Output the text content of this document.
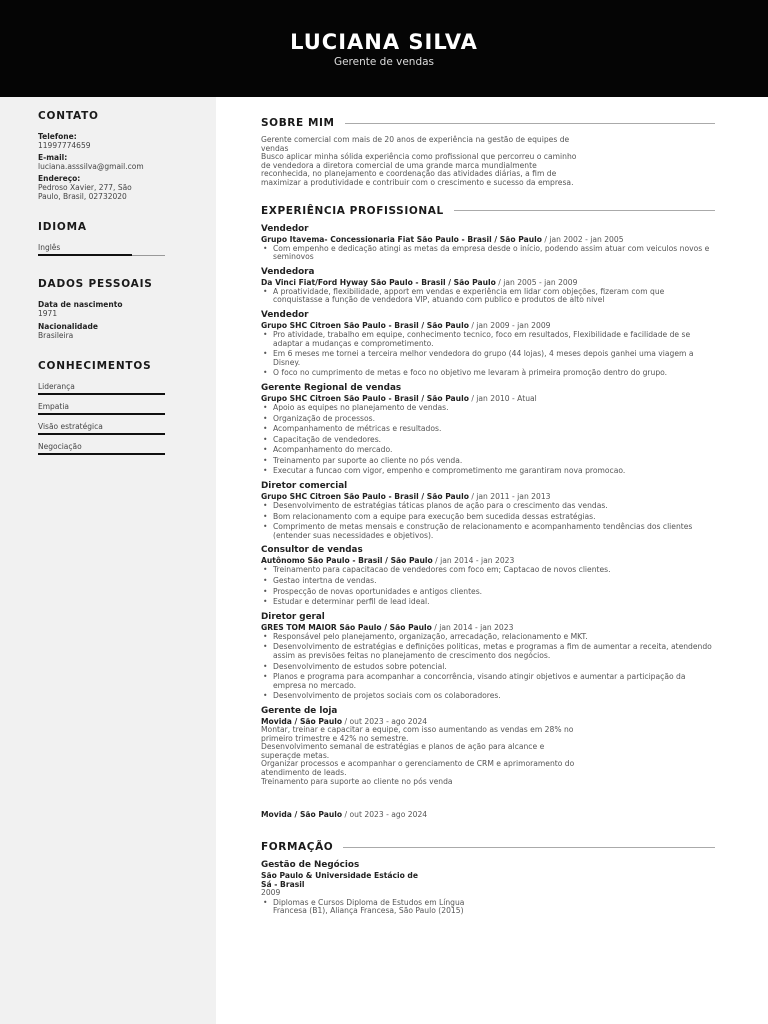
LUCIANA SILVA
Gerente de vendas
CONTATO
Telefone:
11997774659
E-mail:
luciana.asssilva@gmail.com
Endereço:
Pedroso Xavier, 277, São
Paulo, Brasil, 02732020
IDIOMA
Inglês
DADOS PESSOAIS
Data de nascimento
1971
Nacionalidade
Brasileira
CONHECIMENTOS
Liderança
Empatia
Visão estratégica
Negociação
SOBRE MIM
Gerente comercial com mais de 20 anos de experiência na gestão de equipes de
vendas
Busco aplicar minha sólida experiência como profissional que percorreu o caminho
de vendedora a diretora comercial de uma grande marca mundialmente
reconhecida, no planejamento e coordenação das atividades diárias, a fim de
maximizar a produtividade e contribuir com o crescimento e sucesso da empresa.
EXPERIÊNCIA PROFISSIONAL
Vendedor
Grupo Itavema- Concessionaria Fiat São Paulo - Brasil / São Paulo / jan 2002 - jan 2005
• Com empenho e dedicação atingi as metas da empresa desde o início, podendo assim atuar com veiculos novos e seminovos
Vendedora
Da Vinci Fiat/Ford Hyway São Paulo - Brasil / São Paulo / jan 2005 - jan 2009
• A proatividade, flexibilidade, apport em vendas e experiência em lidar com objeções, fizeram com que conquistasse a função de vendedora VIP, atuando com publico e produtos de alto nivel
Vendedor
Grupo SHC Citroen São Paulo - Brasil / São Paulo / jan 2009 - jan 2009
• Pro atividade, trabalho em equipe, conhecimento tecnico, foco em resultados, Flexibilidade e facilidade de se adaptar a mudanças e comprometimento.
• Em 6 meses me tornei a terceira melhor vendedora do grupo (44 lojas), 4 meses depois ganhei uma viagem a Disney.
• O foco no cumprimento de metas e foco no objetivo me levaram à primeira promoção dentro do grupo.
Gerente Regional de vendas
Grupo SHC Citroen São Paulo - Brasil / São Paulo / jan 2010 - Atual
• Apoio as equipes no planejamento de vendas.
• Organização de processos.
• Acompanhamento de métricas e resultados.
• Capacitação de vendedores.
• Acompanhamento do mercado.
• Treinamento par suporte ao cliente no pós venda.
• Executar a funcao com vigor, empenho e comprometimento me garantiram nova promocao.
Diretor comercial
Grupo SHC Citroen São Paulo - Brasil / São Paulo / jan 2011 - jan 2013
• Desenvolvimento de estratégias táticas planos de ação para o crescimento das vendas.
• Bom relacionamento com a equipe para execução bem sucedida dessas estratégias.
• Comprimento de metas mensais e construção de relacionamento e acompanhamento tendências dos clientes (entender suas necessidades e objetivos).
Consultor de vendas
Autônomo São Paulo - Brasil / São Paulo / jan 2014 - jan 2023
• Treinamento para capacitacao de vendedores com foco em; Captacao de novos clientes.
• Gestao intertna de vendas.
• Prospecção de novas oportunidades e antigos clientes.
• Estudar e determinar perfil de lead ideal.
Diretor geral
GRES TOM MAIOR São Paulo / São Paulo / jan 2014 - jan 2023
• Responsável pelo planejamento, organização, arrecadação, relacionamento e MKT.
• Desenvolvimento de estratégias e definições politicas, metas e programas a fim de aumentar a receita, atendendo assim as previsões feitas no planejamento de crescimento dos negócios.
• Desenvolvimento de estudos sobre potencial.
• Planos e programa para acompanhar a concorrência, visando atingir objetivos e aumentar a participação da empresa no mercado.
• Desenvolvimento de projetos sociais com os colaboradores.
Gerente de loja
Movida / São Paulo / out 2023 - ago 2024
Montar, treinar e capacitar a equipe, com isso aumentando as vendas em 28% no
primeiro trimestre e 42% no semestre.
Desenvolvimento semanal de estratégias e planos de ação para alcance e
superaçde metas.
Organizar processos e acompanhar o gerenciamento de CRM e aprimoramento do
atendimento de leads.
Treinamento para suporte ao cliente no pós venda
Movida / São Paulo / out 2023 - ago 2024
FORMAÇÃO
Gestão de Negócios
São Paulo & Universidade Estácio de
Sá - Brasil
2009
• Diplomas e Cursos Diploma de Estudos em Língua Francesa (B1), Aliança Francesa, São Paulo (2015)
